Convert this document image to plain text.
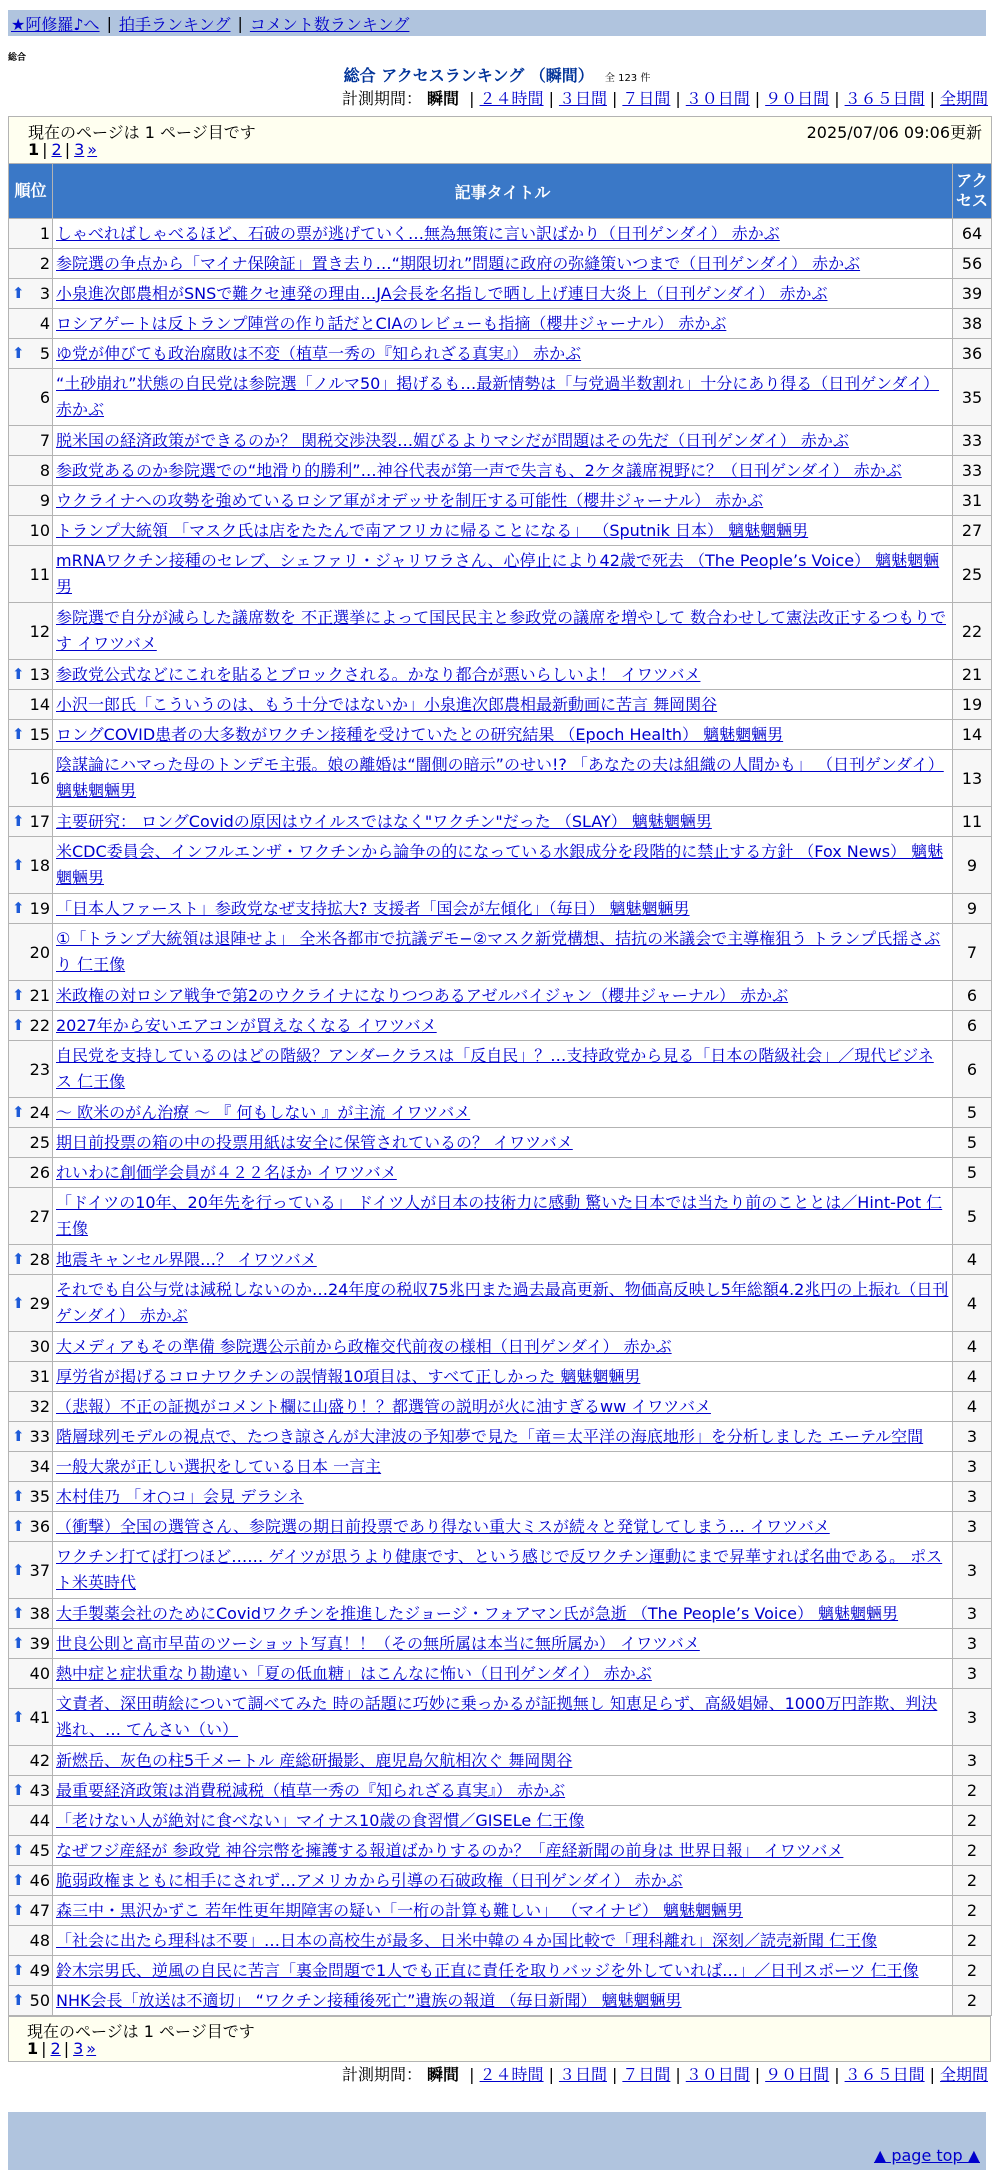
★阿修羅♪へ | 拍手ランキング | コメント数ランキング
総合
総合 アクセスランキング （瞬間） 全 123 件
計測期間： 瞬間 | ２４時間 | ３日間 | ７日間 | ３０日間 | ９０日間 | ３６５日間 | 全期間
現在のページは 1 ページ目です 2025/07/06 09:06更新
1 | 2 | 3 »		

順位	記事タイトル	アクセス
1	しゃべればしゃべるほど、石破の票が逃げていく…無為無策に言い訳ばかり（日刊ゲンダイ） 赤かぶ	64
2	参院選の争点から「マイナ保険証」置き去り…“期限切れ”問題に政府の弥縫策いつまで（日刊ゲンダイ） 赤かぶ	56

⬆ 3	小泉進次郎農相がSNSで難クセ連発の理由…JA会長を名指しで晒し上げ連日大炎上（日刊ゲンダイ） 赤かぶ	39
4	ロシアゲートは反トランプ陣営の作り話だとCIAのレビューも指摘（櫻井ジャーナル） 赤かぶ	38

⬆ 5	ゆ党が伸びても政治腐敗は不変（植草一秀の『知られざる真実』） 赤かぶ	36
6	“土砂崩れ”状態の自民党は参院選「ノルマ50」掲げるも…最新情勢は「与党過半数割れ」十分にあり得る（日刊ゲンダイ） 赤かぶ	35
7	脱米国の経済政策ができるのか？ 関税交渉決裂…媚びるよりマシだが問題はその先だ（日刊ゲンダイ） 赤かぶ	33
8	参政党あるのか参院選での“地滑り的勝利”…神谷代表が第一声で失言も、2ケタ議席視野に？（日刊ゲンダイ） 赤かぶ	33
9	ウクライナへの攻勢を強めているロシア軍がオデッサを制圧する可能性（櫻井ジャーナル） 赤かぶ	31
10	トランプ大統領 「マスク氏は店をたたんで南アフリカに帰ることになる」 （Sputnik 日本） 魑魅魍魎男	27
11	mRNAワクチン接種のセレブ、シェファリ・ジャリワラさん、心停止により42歳で死去 （The People’s Voice） 魑魅魍魎男	25
12	参院選で自分が減らした議席数を 不正選挙によって国民民主と参政党の議席を増やして 数合わせして憲法改正するつもりです イワツバメ	22

⬆ 13	参政党公式などにこれを貼るとブロックされる。かなり都合が悪いらしいよ！ イワツバメ	21
14	小沢一郎氏「こういうのは、もう十分ではないか」小泉進次郎農相最新動画に苦言 舞岡関谷	19

⬆ 15	ロングCOVID患者の大多数がワクチン接種を受けていたとの研究結果 （Epoch Health） 魑魅魍魎男	14
16	陰謀論にハマった母のトンデモ主張。娘の離婚は“闇側の暗示”のせい!? 「あなたの夫は組織の人間かも」 （日刊ゲンダイ） 魑魅魍魎男	13

⬆ 17	主要研究： ロングCovidの原因はウイルスではなく"ワクチン"だった （SLAY） 魑魅魍魎男	11

⬆ 18	米CDC委員会、インフルエンザ・ワクチンから論争の的になっている水銀成分を段階的に禁止する方針 （Fox News） 魑魅魍魎男	9

⬆ 19	「日本人ファースト」参政党なぜ支持拡大? 支援者「国会が左傾化」（毎日） 魑魅魍魎男	9
20	①「トランプ大統領は退陣せよ」 全米各都市で抗議デモ−②マスク新党構想、拮抗の米議会で主導権狙う トランプ氏揺さぶり 仁王像	7

⬆ 21	米政権の対ロシア戦争で第2のウクライナになりつつあるアゼルバイジャン（櫻井ジャーナル） 赤かぶ	6

⬆ 22	2027年から安いエアコンが買えなくなる イワツバメ	6
23	自民党を支持しているのはどの階級？アンダークラスは「反自民」？…支持政党から見る「日本の階級社会」／現代ビジネス 仁王像	6

⬆ 24	～ 欧米のがん治療 ～ 『 何もしない 』が主流 イワツバメ	5
25	期日前投票の箱の中の投票用紙は安全に保管されているの？ イワツバメ	5
26	れいわに創価学会員が４２２名ほか イワツバメ	5
27	「ドイツの10年、20年先を行っている」 ドイツ人が日本の技術力に感動 驚いた日本では当たり前のこととは／Hint-Pot 仁王像	5

⬆ 28	地震キャンセル界隈…？ イワツバメ	4

⬆ 29	それでも自公与党は減税しないのか…24年度の税収75兆円また過去最高更新、物価高反映し5年総額4.2兆円の上振れ（日刊ゲンダイ） 赤かぶ	4
30	大メディアもその準備 参院選公示前から政権交代前夜の様相（日刊ゲンダイ） 赤かぶ	4
31	厚労省が掲げるコロナワクチンの誤情報10項目は、すべて正しかった 魑魅魍魎男	4
32	（悲報）不正の証拠がコメント欄に山盛り！？都選管の説明が火に油すぎるww イワツバメ	4

⬆ 33	階層球列モデルの視点で、たつき諒さんが大津波の予知夢で見た「竜＝太平洋の海底地形」を分析しました エーテル空間	3
34	一般大衆が正しい選択をしている日本 一言主	3

⬆ 35	木村佳乃 「オ○コ」会見 デラシネ	3

⬆ 36	（衝撃）全国の選管さん、参院選の期日前投票であり得ない重大ミスが続々と発覚してしまう… イワツバメ	3

⬆ 37	ワクチン打てば打つほど…… ゲイツが思うより健康です、という感じで反ワクチン運動にまで昇華すれば名曲である。 ポスト米英時代	3

⬆ 38	大手製薬会社のためにCovidワクチンを推進したジョージ・フォアマン氏が急逝 （The People’s Voice） 魑魅魍魎男	3

⬆ 39	世良公則と高市早苗のツーショット写真！！（その無所属は本当に無所属か） イワツバメ	3
40	熱中症と症状重なり勘違い「夏の低血糖」はこんなに怖い（日刊ゲンダイ） 赤かぶ	3

⬆ 41	文責者、深田萌絵について調べてみた 時の話題に巧妙に乗っかるが証拠無し 知恵足らず、高級娼婦、1000万円詐欺、判決逃れ、… てんさい（い）	3
42	新燃岳、灰色の柱5千メートル 産総研撮影、鹿児島欠航相次ぐ 舞岡関谷	3

⬆ 43	最重要経済政策は消費税減税（植草一秀の『知られざる真実』） 赤かぶ	2
44	「老けない人が絶対に食べない」マイナス10歳の食習慣／GISELe 仁王像	2

⬆ 45	なぜフジ産経が 参政党 神谷宗幣を擁護する報道ばかりするのか？「産経新聞の前身は 世界日報」 イワツバメ	2

⬆ 46	脆弱政権まともに相手にされず…アメリカから引導の石破政権（日刊ゲンダイ） 赤かぶ	2

⬆ 47	森三中・黒沢かずこ 若年性更年期障害の疑い「一桁の計算も難しい」 （マイナビ） 魑魅魍魎男	2
48	「社会に出たら理科は不要」…日本の高校生が最多、日米中韓の４か国比較で「理科離れ」深刻／読売新聞 仁王像	2

⬆ 49	鈴木宗男氏、逆風の自民に苦言「裏金問題で1人でも正直に責任を取りバッジを外していれば…」／日刊スポーツ 仁王像	2

⬆ 50	NHK会長「放送は不適切」 “ワクチン接種後死亡”遺族の報道 （毎日新聞） 魑魅魍魎男	2
現在のページは 1 ページ目です
1 | 2 | 3 »
計測期間： 瞬間 | ２４時間 | ３日間 | ７日間 | ３０日間 | ９０日間 | ３６５日間 | 全期間
▲ page top ▲
